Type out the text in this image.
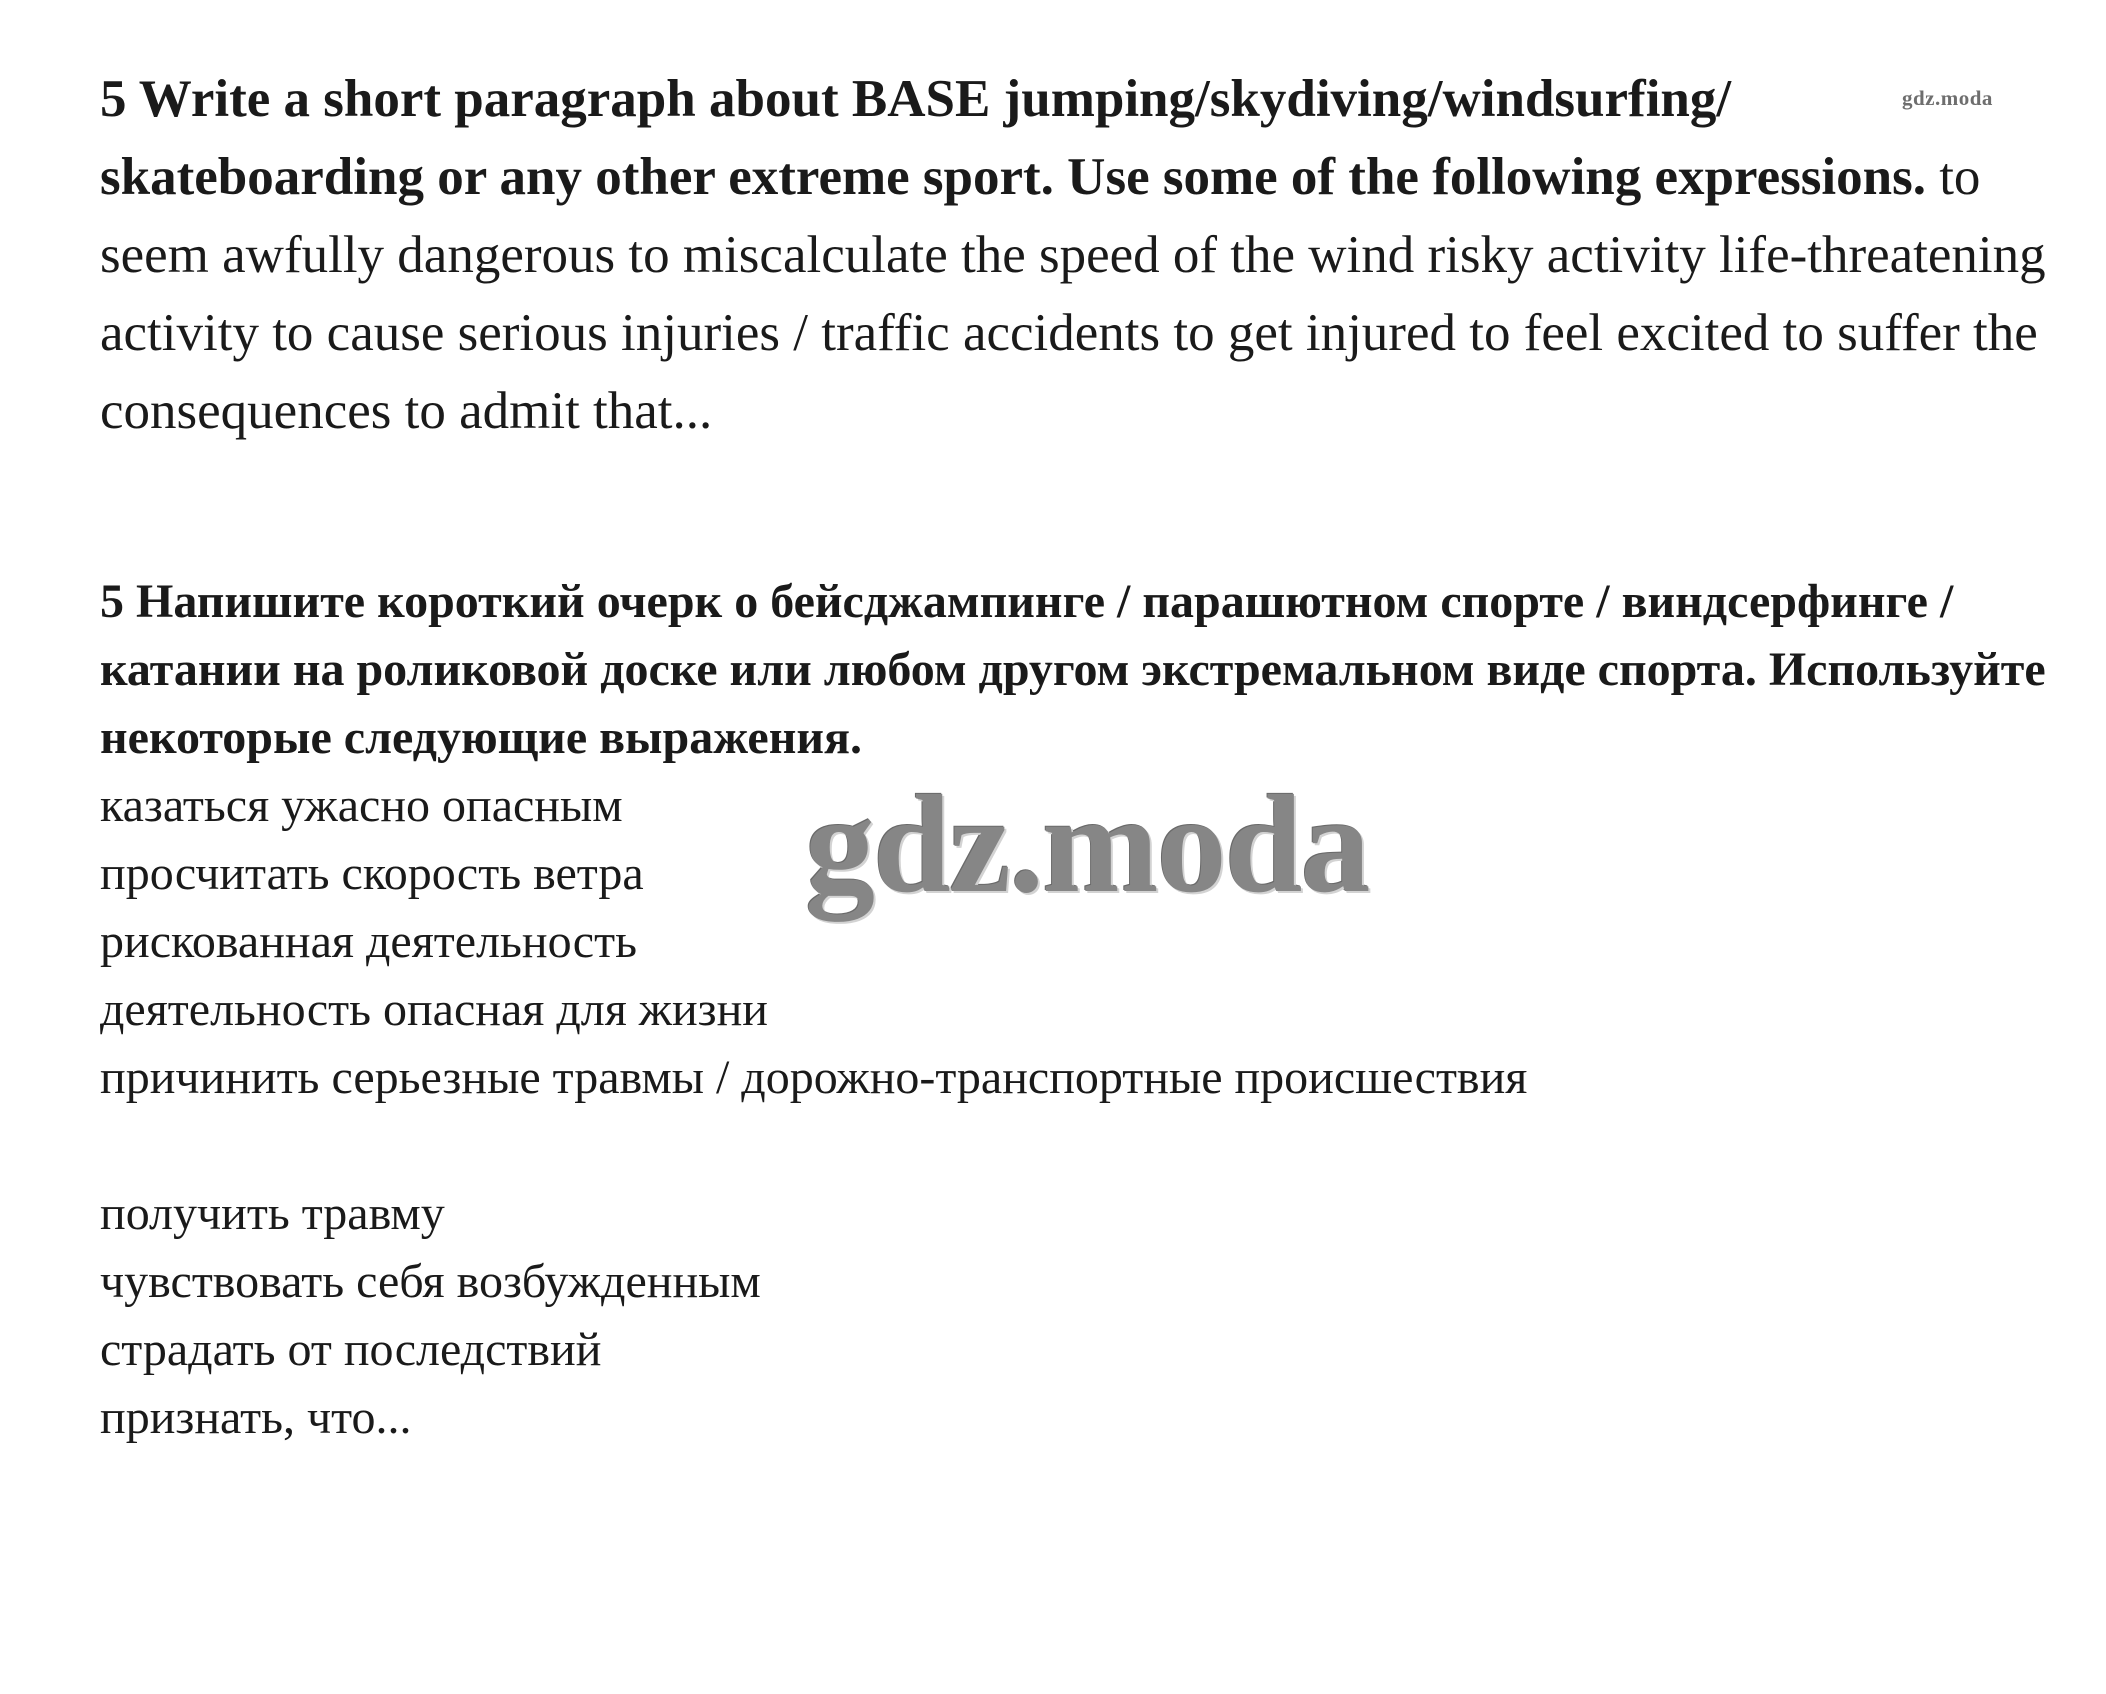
5 Write a short paragraph about BASE jumping/skydiving/windsurfing/ skateboarding or any other extreme sport. Use some of the following expressions. to seem awfully dangerous to miscalculate the speed of the wind risky activity life-threatening activity to cause serious injuries / traffic accidents to get injured to feel excited to suffer the consequences to admit that...
gdz.moda

5 Напишите короткий очерк о бейсджампинге / парашютном спорте / виндсерфинге / катании на роликовой доске или любом другом экстремальном виде спорта. Используйте некоторые следующие выражения.

казаться ужасно опасным
просчитать скорость ветра
рискованная деятельность
деятельность опасная для жизни
причинить серьезные травмы / дорожно-транспортные происшествия
получить травму
чувствовать себя возбужденным
страдать от последствий
признать, что...
gdz.moda
